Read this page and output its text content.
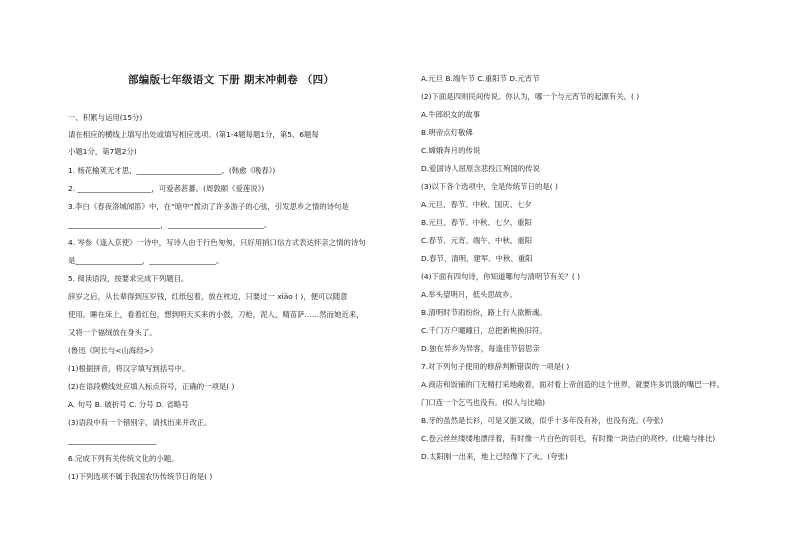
部编版七年级语文 下册 期末冲刺卷 （四）
一、积累与运用(15分)
请在相应的横线上填写出处或填写相应选项。(第1-4题每题1分，第5、6题每
小题1分，第7题2分)
1. 杨花榆荚无才思，_______________________。(韩愈《晚春》)
2. ____________________，可爱者甚蕃。(周敦颐《爱莲说》)
3.李白《春夜洛城闻笛》中，在“暗中”拨动了许多游子的心弦，引发思乡之情的诗句是
_________________________，__________________________。
4. 岑参《逢入京使》一诗中，写诗人由于行色匆匆，只好用捎口信方式表达怀亲之情的诗句
是__________________，__________________。
5. 阅读语段，按要求完成下列题目。
辞岁之后，从长辈得到压岁钱，红纸包着，放在枕边，只要过一 xiāo ( )，便可以随意
使用。睡在床上，看着红包，想到明天买来的小鼓，刀枪，泥人，精苗萨……然而她近来，
又将一个福绒放在身头了。
(鲁迅《阿长与<山海经>》
(1)根据拼音，将汉字填写到括号中。
(2)在语段横线处应填入标点符号，正确的一项是( )
A. 句号 B. 破折号 C. 分号 D. 省略号
(3)语段中有一个错别字，请找出来并改正。
________________________
6.完成下列有关传统文化的小题。
(1)下列选项不属于我国农历传统节日的是( )
A.元旦 B.端午节 C.重阳节 D.元宵节
(2)下面是四则民间传说。你认为，哪一个与元宵节的起源有关。( )
A.牛郎织女的故事
B.明帝点灯敬佛
C.嫦娥奔月的传说
D.爱国诗人屈原含悲投江殉国的传说
(3)以下各个选项中，全是传统节日的是( )
A.元旦、春节、中秋、国庆、七夕
B.元旦、春节、中秋、七夕、重阳
C.春节、元宵、端午、中秋、重阳
D.春节、清明、建军、中秋、重阳
(4)下面有四句诗，你知道哪句与清明节有关？( )
A.举头望明月，低头思故乡。
B.清明时节雨纷纷，路上行人欲断魂。
C.千门万户曈曈日，总把新桃换旧符。
D.独在异乡为异客，每逢佳节倍思亲
7.对下列句子使用的修辞判断错误的一项是( )
A.商店和饭铺的门无精打采地敞着，面对着上帝创造的这个世界，就要许多饥饿的嘴巴一样。
门口连一个乞丐也没有。(拟人与比喻)
B.牙的虽然是长衫，可是又脏又破，似乎十多年没有补，也没有洗。(夸张)
C.卷云丝丝缕缕地漂浮着，有时像一片白色的羽毛，有时像一块洁白的亮纱。(比喻与排比)
D.太阳刚一出来，地上已经像下了火。(夸张)
